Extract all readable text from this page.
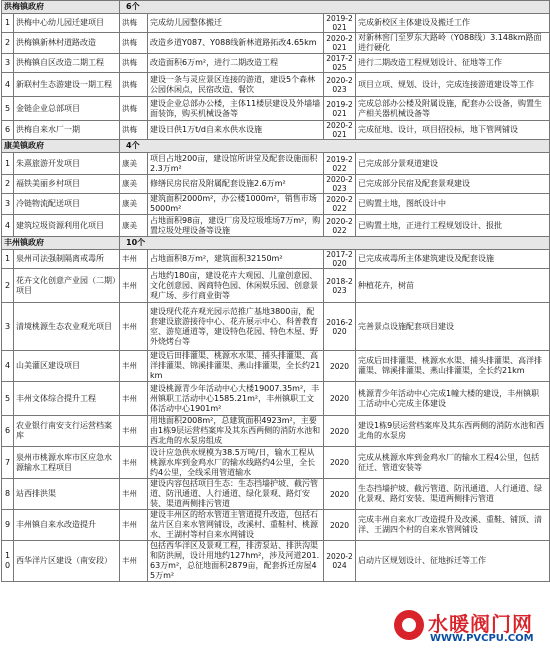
洪梅镇政府		6个			
1	洪梅中心幼儿园迁建项目	洪梅	完成幼儿园整体搬迁	2019-2021	完成新校区主体建设及搬迁工作
2	洪梅镇新林村道路改造	洪梅	改造乡道Y087、Y088线新林道路拓改4.65km	2020-2021	对新林窖门至罗东大路岭（Y088线）3.148km路面进行硬化
3	洪梅镇自区改造二期工程	洪梅	改造面积6万m²，进行二期改造工程	2017-2025	进行二期改造工程规划设计、征地等工作
4	新联村生态游建设一期工程	洪梅	建设一条与灵应景区连接的游道，建设5个森林公园休闲点，民宿改造、餐饮	2020-2023	项目立项、规划、设计，完成连接游道建设等工作
5	金链企业总部项目	洪梅	建设企业总部办公楼，主体11楼层建设及外墙墙面装饰，购买机械设备等	2019-2021	完成总部办公楼及附属设施，配套办公设备，购置生产相关器机械设备等
6	洪梅自来水厂一期	洪梅	建设日供1万t/d自来水供水设施	2020-2021	完成征地、设计，项目招投标，地下管网铺设
康美镇政府		4个			
1	朱熹旅游开发项目	康美	项目占地200亩，建设馆所讲堂及配套设施面积2.3万m²	2019-2022	已完成部分景观道建设
2	福铁美丽乡村项目	康美	修缮民房民宿及附属配套设施2.6万m²	2020-2023	已完成部分民宿及配套景观建设
3	冷链物流配送项目	康美	建筑面积2000m²，办公楼1000m²，销售市场5000m²	2020-2022	已购置土地，图纸设计中
4	建筑垃圾资源利用化项目	康美	占地面积98亩，建设厂房及垃圾堆场7万m²，购置垃圾处理设备等设施	2020-2022	已购置土地，正进行工程规划设计、报批
丰州镇政府		10个			
1	泉州司法强制隔离戒毒所	丰州	占地面积8万m²，建筑面积32150m²	2017-2020	已完成戒毒所主体建筑建设及配套设施
2	花卉文化创意产业园（二期）项目	丰州	占地约180亩，建设花卉大观园、儿童创意园、文化创意园、阁商特色园、休闲娱乐园、创意景观广场、步行商业街等	2018-2023	种植花卉，树苗
3	清境桃源生态农业观光项目	丰州	建设现代花卉观光园示范推广基地3800亩，配套建设旅游接待中心、花卉展示中心、科普教育室、游览通道等，建设特色花园、特色木屋、野外烧烤台等	2016-2020	完善景点设施配套项目建设
4	山美灌区建设项目	丰州	建设后田排灌渠、桃源水水渠、捕头排灌渠、高洋排灌渠、锦溪排灌渠、燕山排灌渠，全长约21km	2020	完成后田排灌渠、桃源水水渠、捕头排灌渠、高洋排灌渠、锦溪排灌渠、燕山排灌渠，全长约21km
5	丰州文体综合提升工程	丰州	建设桃源青少年活动中心大楼19007.35m²，丰州镇职工活动中心1585.21m²，丰州镇职工文体活动中心1901m²	2020	桃源青少年活动中心完成1幢大楼的建设，丰州镇职工活动中心完成主体建设
6	农业银行南安支行运营档案库	丰州	用地面积2008m²，总建筑面积4923m²，主要由1栋9层运营档案库及其东西两侧的消防水池和西北角的水泵房组成	2020	建设1栋9层运营档案库及其东西两侧的消防水池和西北角的水泵房
7	泉州市桃源水库市区应急水源输水工程项目	丰州	设计应急供水规模为38.5万吨/日，输水工程从桃源水库到金鸡水厂的输水线路约4公里，全长约4公里，全线采用管道输水	2020	完成从桃源水库到金鸡水厂的输水工程4公里，包括征迁、管道安装等
8	站西排洪渠	丰州	建设内容包括项目生态：生态挡墙护坡、截污管道、防汛通道、人行通道、绿化景观、路灯安装、渠道两侧排污管道	2020	生态挡墙护坡、截污管道、防汛通道、人行通道、绿化景观、路灯安装、渠道两侧排污管道
9	丰州镇自来水改造提升	丰州	建设丰州区的给水管道主管道提升改造，包括石盆片区自来水管网铺设，改溪村、重鞋村、桃源水、王湖村等村自来水网铺设	2020	完成丰州自来水厂改造提升及改溪、重鞋、铺顶、清洋、王湖四个村的自来水管网铺设
10	西华洋片区建设（南安段）	丰州	包括西华洋区及景观工程，排涝泵站、排洪沟渠和防洪闸，设计用地约127hm²，涉及河道201.63万m²，总征地面积2879亩，配套拆迁房屋45万m²	2020-2024	启动片区规划设计、征地拆迁等工作
水暖阀门网
WWW.PVCPU.COM
